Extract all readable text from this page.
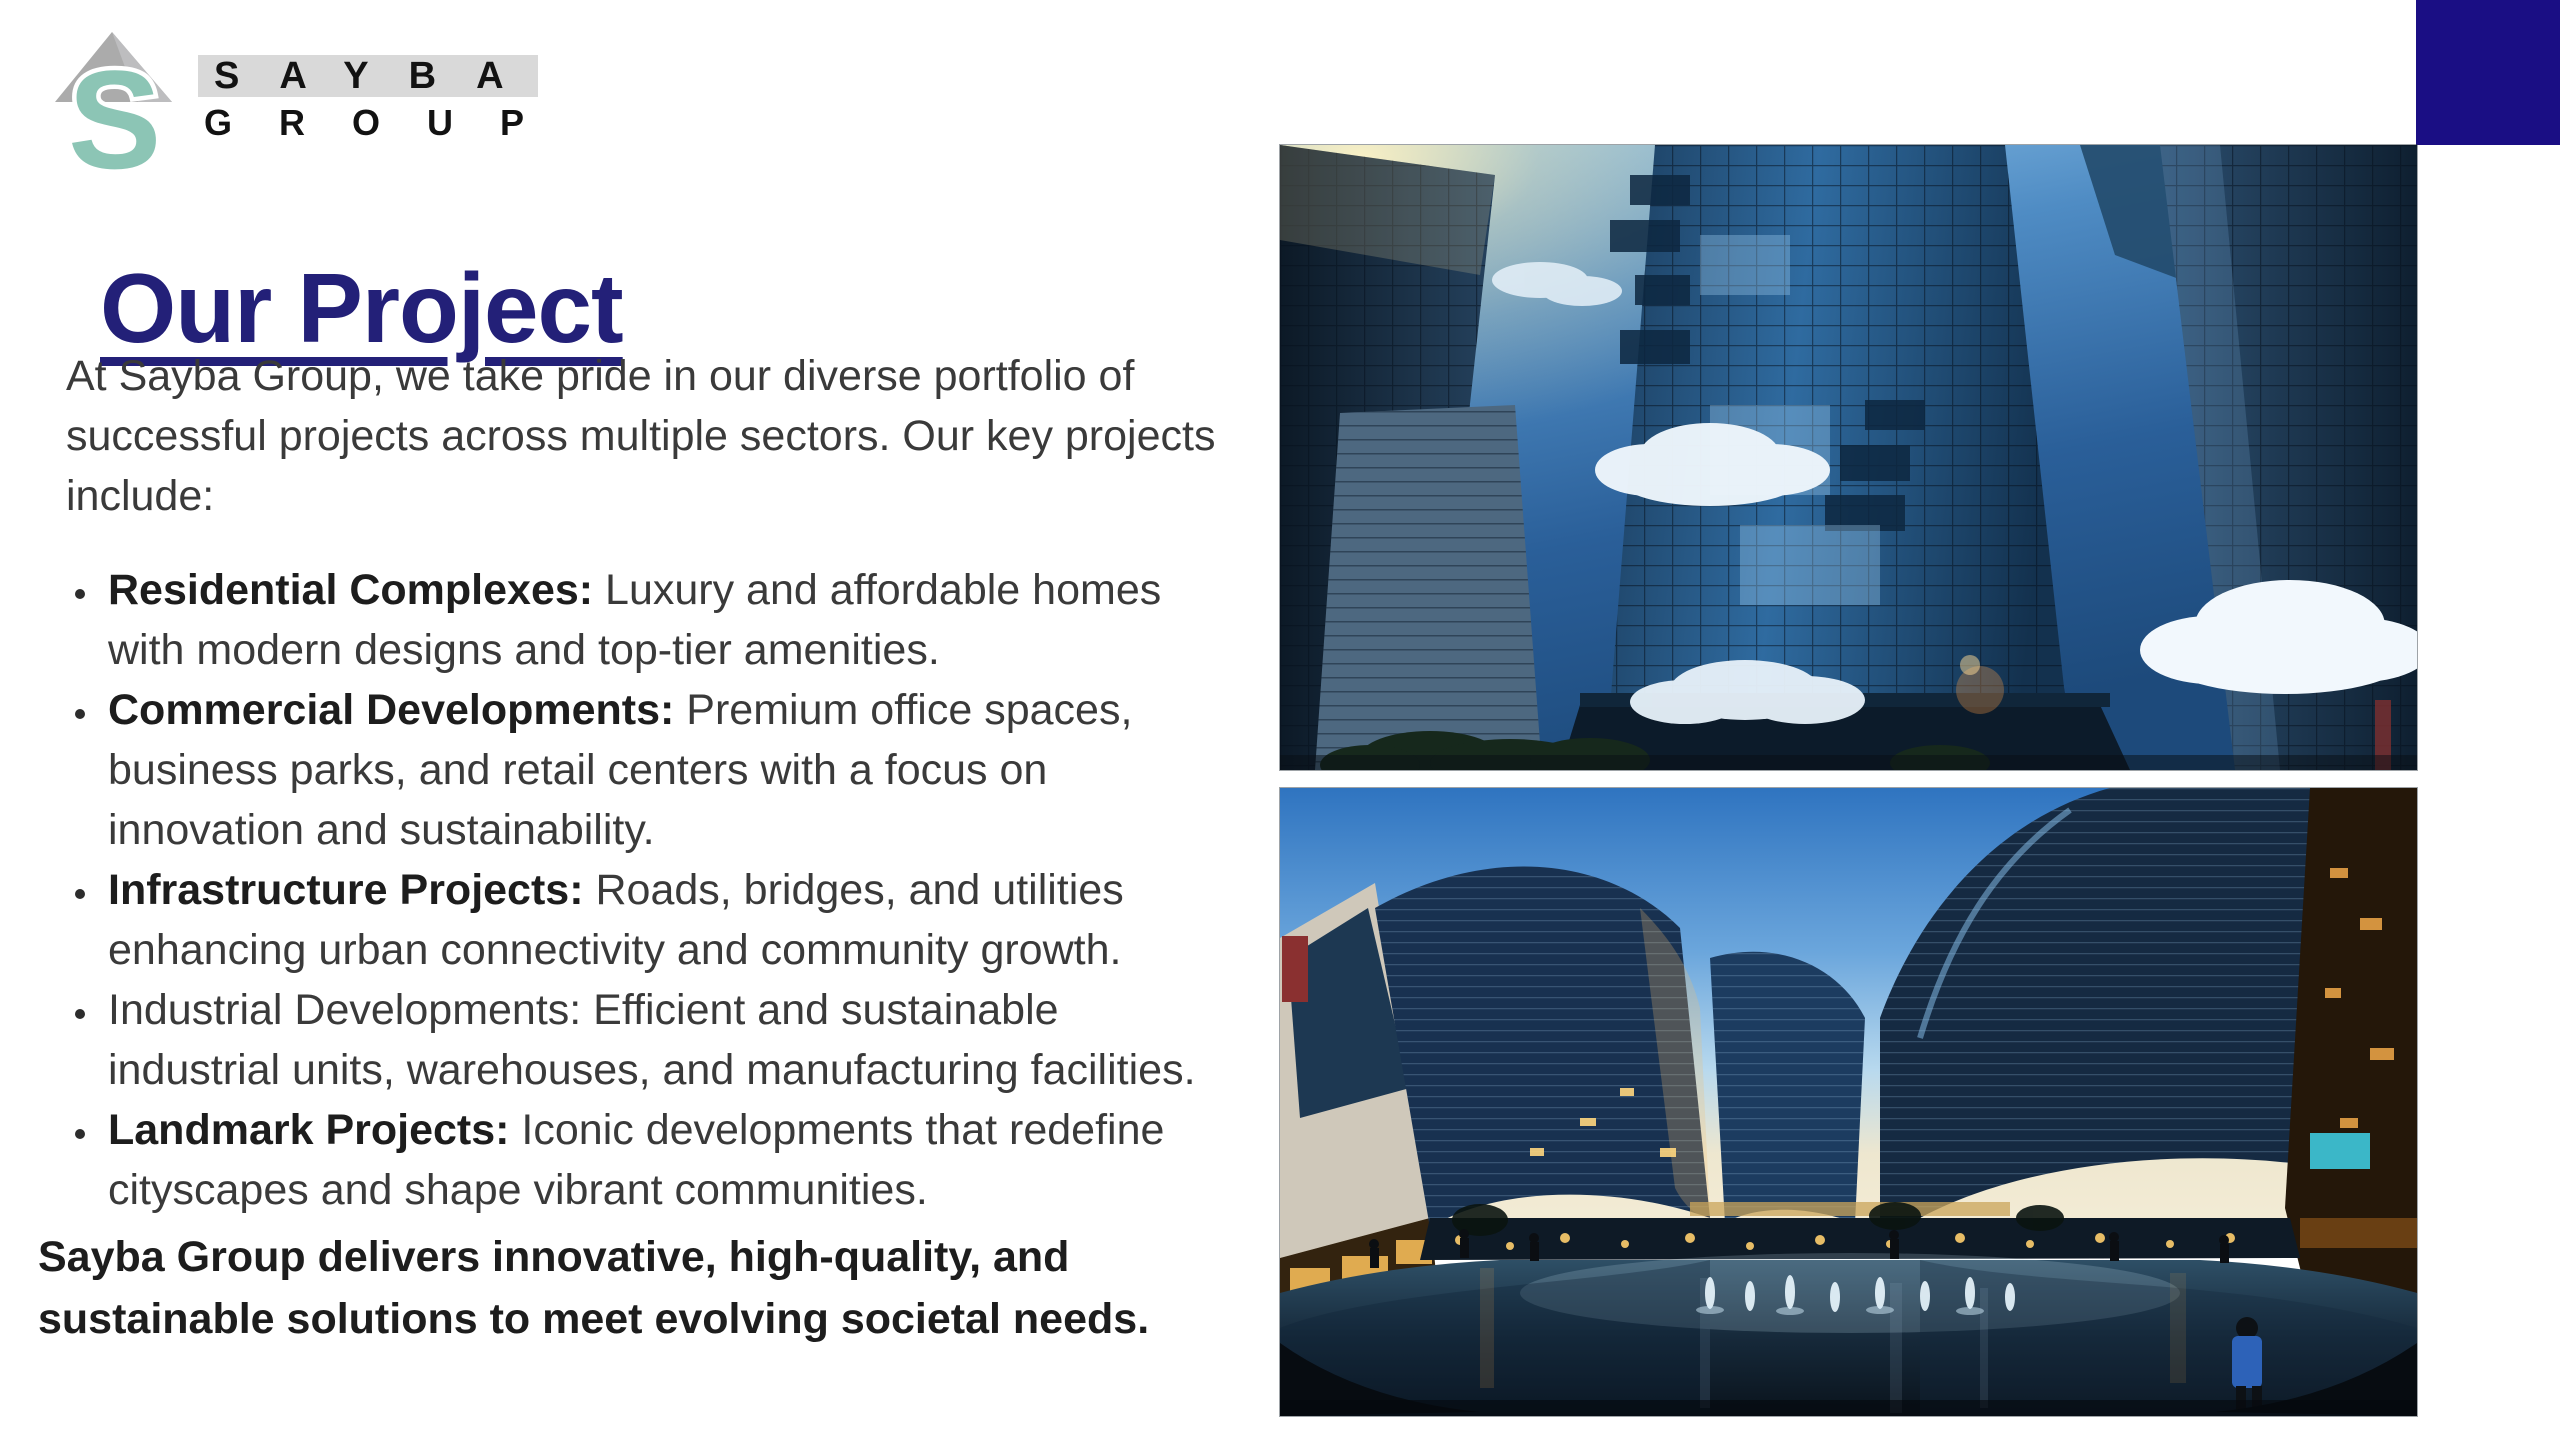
S	SAYBA
GROUP
Our Project

At Sayba Group, we take pride in our diverse portfolio of successful projects across multiple sectors. Our key projects include:

• Residential Complexes: Luxury and affordable homes with modern designs and top-tier amenities.
• Commercial Developments: Premium office spaces, business parks, and retail centers with a focus on innovation and sustainability.
• Infrastructure Projects: Roads, bridges, and utilities enhancing urban connectivity and community growth.
• Industrial Developments: Efficient and sustainable industrial units, warehouses, and manufacturing facilities.
• Landmark Projects: Iconic developments that redefine cityscapes and shape vibrant communities.

Sayba Group delivers innovative, high-quality, and sustainable solutions to meet evolving societal needs.
